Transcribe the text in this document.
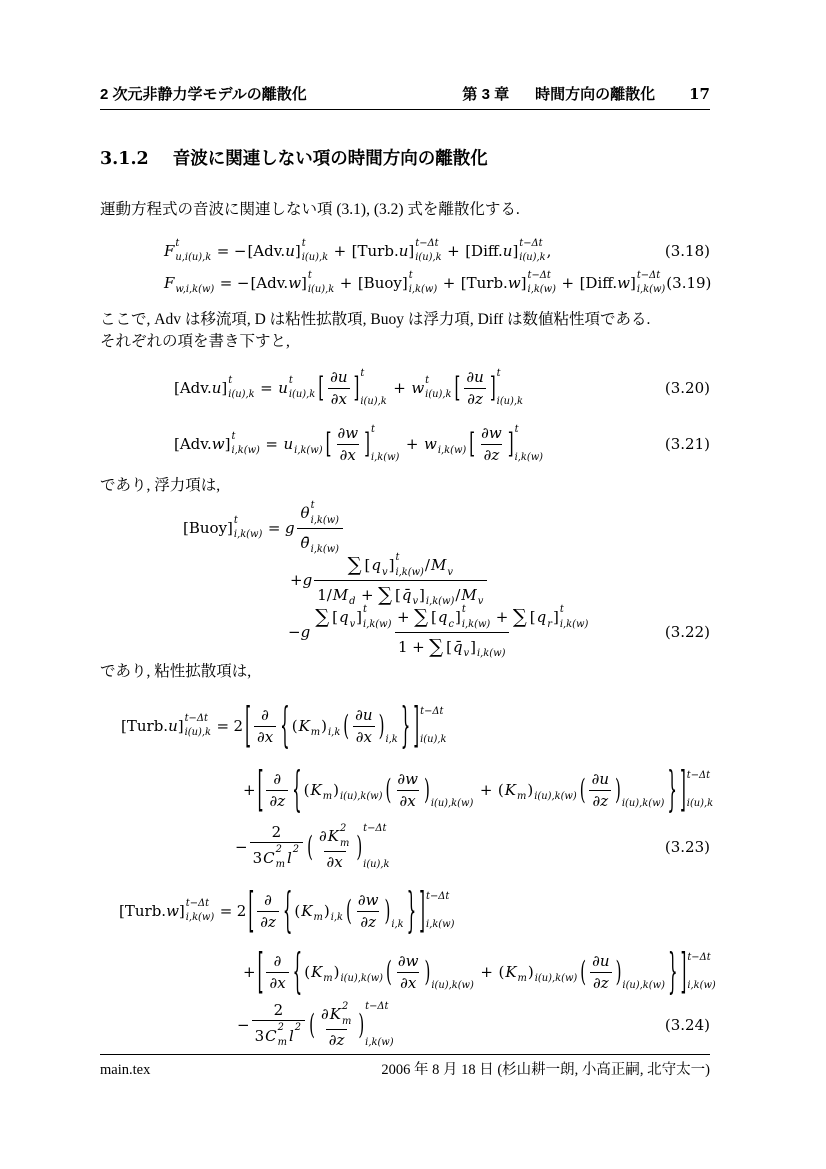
2 次元非静力学モデルの離散化	第 3 章 時間方向の離散化 17
3.1.2 音波に関連しない項の時間方向の離散化
運動方程式の音波に関連しない項 (3.1), (3.2) 式を離散化する.
F t
u,i(u),k = − [Adv. u ] t
i(u),k + [Turb. u ] t−Δt
i(u),k + [Diff. u ] t−Δt
i(u),k ,	(3.18)
F w,i,k(w) = − [Adv. w ] t
i(u),k + [Buoy] t
i,k(w) + [Turb. w ] t−Δt
i,k(w) + [Diff. w ] t−Δt
i,k(w) (3.19)
ここで, Adv は移流項, D は粘性拡散項, Buoy は浮力項, Diff は数値粘性項である.
それぞれの項を書き下すと,
[Adv. u ] t
i(u),k = u t
i(u),k [ $\frac{\partial u}{\partial x}$ ] t
i(u),k
+ w t
i(u),k [ $\frac{\partial u}{\partial z}$ ] t
i(u),k
(3.20)
[Adv. w ] t
i,k(w) = u i,k(w) [ $\frac{\partial w}{\partial x}$ ] t
i,k(w)
+ w i,k(w) [ $\frac{\partial w}{\partial z}$ ] t
i,k(w)
(3.21)
であり, 浮力項は,
[Buoy] t
i,k(w) = g θ t
i,k(w)
θ̄ i,k(w)
+ g ∑ [ q v ] t
i,k(w) / M v
1/ M d + ∑ [ q̄ v ] i,k(w) / M v
− g ∑ [ q v ] t
i,k(w) + ∑ [ q c ] t
i,k(w) + ∑ [ q r ] t
i,k(w)
1 + ∑ [ q̄ v ] i,k(w)	(3.22)
であり, 粘性拡散項は,
[Turb. u ] t−Δt
i(u),k = 2 [ $\frac{\partial}{\partial x}$ { ( K m ) i,k ( $\frac{\partial u}{\partial x}$ ) i,k } ] t−Δt
i(u),k
+ [ $\frac{\partial}{\partial z}$ { ( K m ) i(u),k(w) ( $\frac{\partial w}{\partial x}$ ) i(u),k(w)
+ ( K m ) i(u),k(w) ( $\frac{\partial u}{\partial z}$ ) i(u),k(w) } ] t−Δt
i(u),k
− 2
3 C 2
m l 2 ( ∂ K 2
m
∂x )
t−Δt
i(u),k
(3.23)
[Turb. w ] t−Δt
i,k(w) = 2 [ $\frac{\partial}{\partial z}$ { ( K m ) i,k ( $\frac{\partial w}{\partial z}$ ) i,k } ] t−Δt
i,k(w)
+ [ $\frac{\partial}{\partial x}$ { ( K m ) i(u),k(w) ( $\frac{\partial w}{\partial x}$ ) i(u),k(w)
+ ( K m ) i(u),k(w) ( $\frac{\partial u}{\partial z}$ ) i(u),k(w) } ] t−Δt
i,k(w)
− 2
3 C 2
m l 2 ( ∂ K 2
m
∂z )
t−Δt
i,k(w)
(3.24)
main.tex	2006 年 8 月 18 日 (杉山耕一朗, 小高正嗣, 北守太一)
